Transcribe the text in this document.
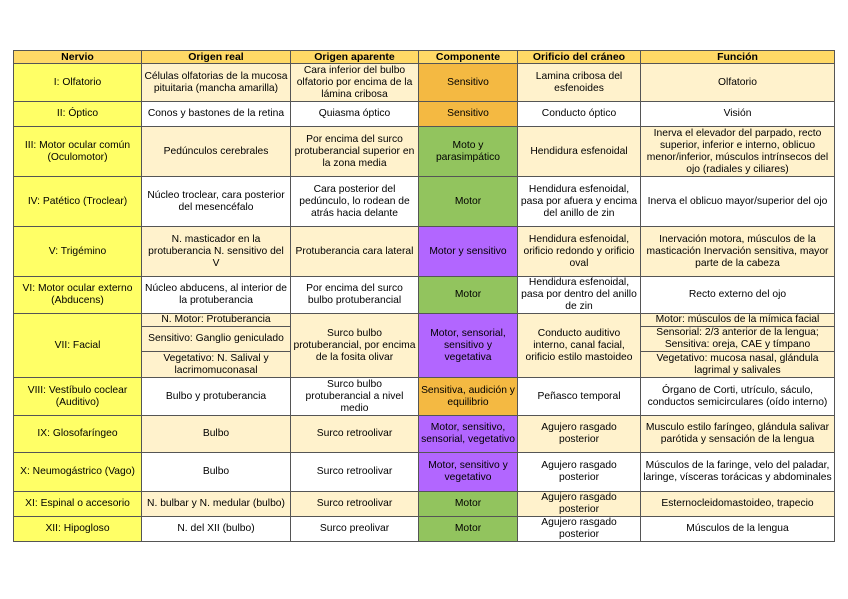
Nervio	Origen real	Origen aparente	Componente	Orificio del cráneo	Función
I: Olfatorio	Células olfatorias de la mucosa pituitaria (mancha amarilla)	Cara inferior del bulbo olfatorio por encima de la lámina cribosa	Sensitivo	Lamina cribosa del esfenoides	Olfatorio
II: Óptico	Conos y bastones de la retina	Quiasma óptico	Sensitivo	Conducto óptico	Visión
III: Motor ocular común (Oculomotor)	Pedúnculos cerebrales	Por encima del surco protuberancial superior en la zona media	Moto y parasimpático	Hendidura esfenoidal	Inerva el elevador del parpado, recto superior, inferior e interno, oblicuo menor/inferior, músculos intrínsecos del ojo (radiales y ciliares)
IV: Patético (Troclear)	Núcleo troclear, cara posterior del mesencéfalo	Cara posterior del pedúnculo, lo rodean de atrás hacia delante	Motor	Hendidura esfenoidal, pasa por afuera y encima del anillo de zin	Inerva el oblicuo mayor/superior del ojo
V: Trigémino	N. masticador en la protuberancia N. sensitivo del V	Protuberancia cara lateral	Motor y sensitivo	Hendidura esfenoidal, orificio redondo y orificio oval	Inervación motora, músculos de la masticación Inervación sensitiva, mayor parte de la cabeza
VI: Motor ocular externo (Abducens)	Núcleo abducens, al interior de la protuberancia	Por encima del surco bulbo protuberancial	Motor	Hendidura esfenoidal, pasa por dentro del anillo de zin	Recto externo del ojo
VII: Facial	N. Motor: Protuberancia	Surco bulbo protuberancial, por encima de la fosita olivar	Motor, sensorial, sensitivo y vegetativa	Conducto auditivo interno, canal facial, orificio estilo mastoideo	Motor: músculos de la mímica facial
	Sensitivo: Ganglio geniculado				Sensorial: 2/3 anterior de la lengua; Sensitiva: oreja, CAE y tímpano
	Vegetativo: N. Salival y lacrimomuconasal				Vegetativo: mucosa nasal, glándula lagrimal y salivales
VIII: Vestíbulo coclear (Auditivo)	Bulbo y protuberancia	Surco bulbo protuberancial a nivel medio	Sensitiva, audición y equilibrio	Peñasco temporal	Órgano de Corti, utrículo, sáculo, conductos semicirculares (oído interno)
IX: Glosofaríngeo	Bulbo	Surco retroolivar	Motor, sensitivo, sensorial, vegetativo	Agujero rasgado posterior	Musculo estilo faríngeo, glándula salivar parótida y sensación de la lengua
X: Neumogástrico (Vago)	Bulbo	Surco retroolivar	Motor, sensitivo y vegetativo	Agujero rasgado posterior	Músculos de la faringe, velo del paladar, laringe, vísceras torácicas y abdominales
XI: Espinal o accesorio	N. bulbar y N. medular (bulbo)	Surco retroolivar	Motor	Agujero rasgado posterior	Esternocleidomastoideo, trapecio
XII: Hipogloso	N. del XII (bulbo)	Surco preolivar	Motor	Agujero rasgado posterior	Músculos de la lengua
